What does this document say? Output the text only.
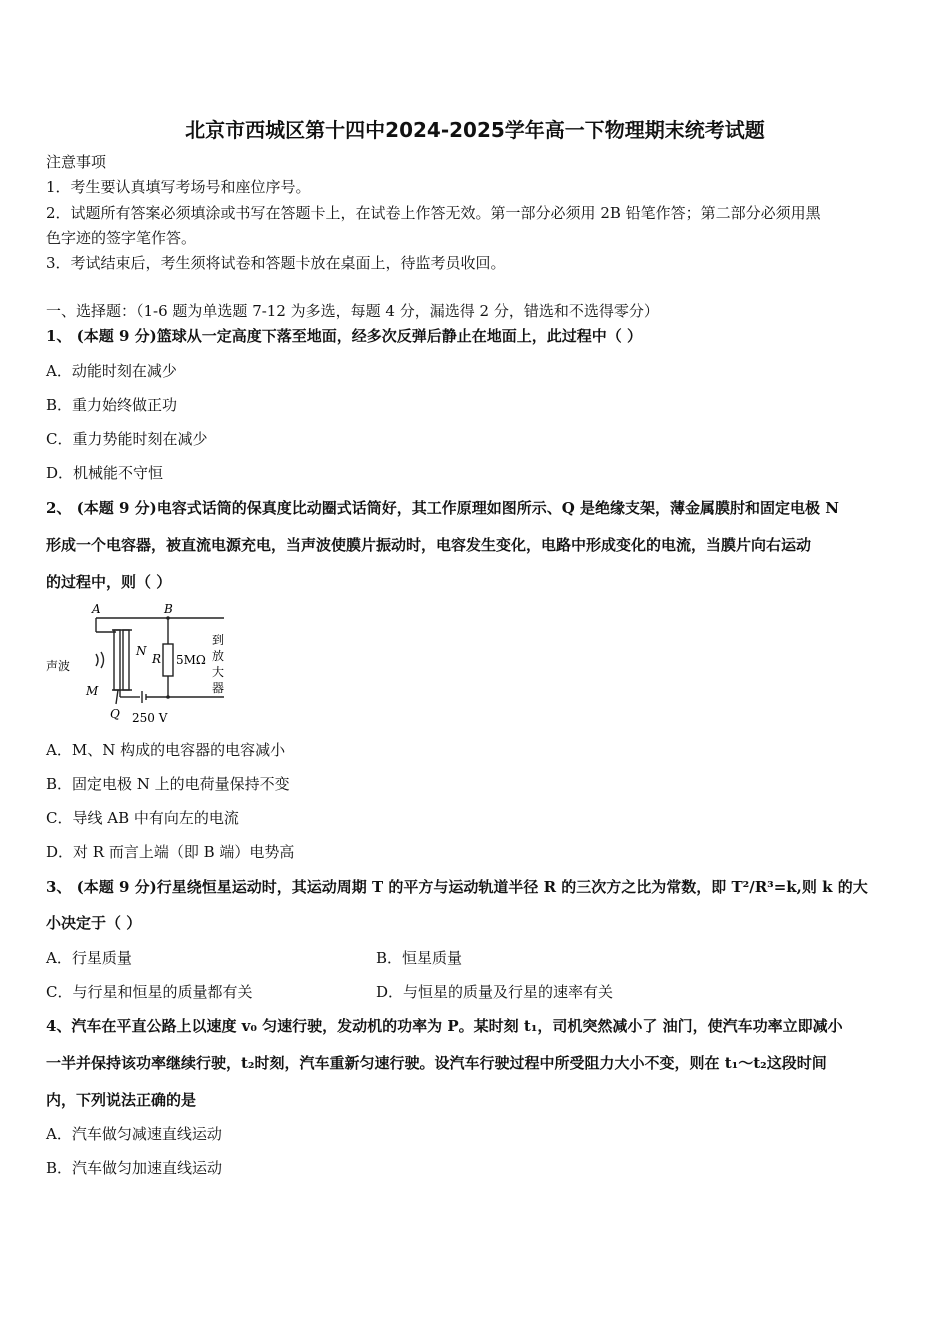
北京市西城区第十四中2024-2025学年高一下物理期末统考试题
注意事项
1．考生要认真填写考场号和座位序号。
2．试题所有答案必须填涂或书写在答题卡上，在试卷上作答无效。第一部分必须用 2B 铅笔作答；第二部分必须用黑
色字迹的签字笔作答。
3．考试结束后，考生须将试卷和答题卡放在桌面上，待监考员收回。
一、选择题：（1-6 题为单选题 7-12 为多选，每题 4 分，漏选得 2 分，错选和不选得零分）
1、 (本题 9 分)篮球从一定高度下落至地面，经多次反弹后静止在地面上，此过程中（ ）
A．动能时刻在减少
B．重力始终做正功
C．重力势能时刻在减少
D．机械能不守恒
2、 (本题 9 分)电容式话筒的保真度比动圈式话筒好，其工作原理如图所示、Q 是绝缘支架，薄金属膜肘和固定电极 N
形成一个电容器，被直流电源充电，当声波使膜片振动时，电容发生变化，电路中形成变化的电流，当膜片向右运动
的过程中，则（ ）
A	B
N
R 5MΩ
M
Q 250 V
声波
到
放
大
器
A．M、N 构成的电容器的电容减小
B．固定电极 N 上的电荷量保持不变
C．导线 AB 中有向左的电流
D．对 R 而言上端（即 B 端）电势高
3、 (本题 9 分)行星绕恒星运动时，其运动周期 T 的平方与运动轨道半径 R 的三次方之比为常数，即 T²/R³=k,则 k 的大
小决定于（ ）
A．行星质量	B．恒星质量
C．与行星和恒星的质量都有关	D．与恒星的质量及行星的速率有关
4、汽车在平直公路上以速度 v₀ 匀速行驶，发动机的功率为 P。某时刻 t₁，司机突然减小了 油门，使汽车功率立即减小
一半并保持该功率继续行驶，t₂时刻，汽车重新匀速行驶。设汽车行驶过程中所受阻力大小不变，则在 t₁～t₂这段时间
内，下列说法正确的是
A．汽车做匀减速直线运动
B．汽车做匀加速直线运动
